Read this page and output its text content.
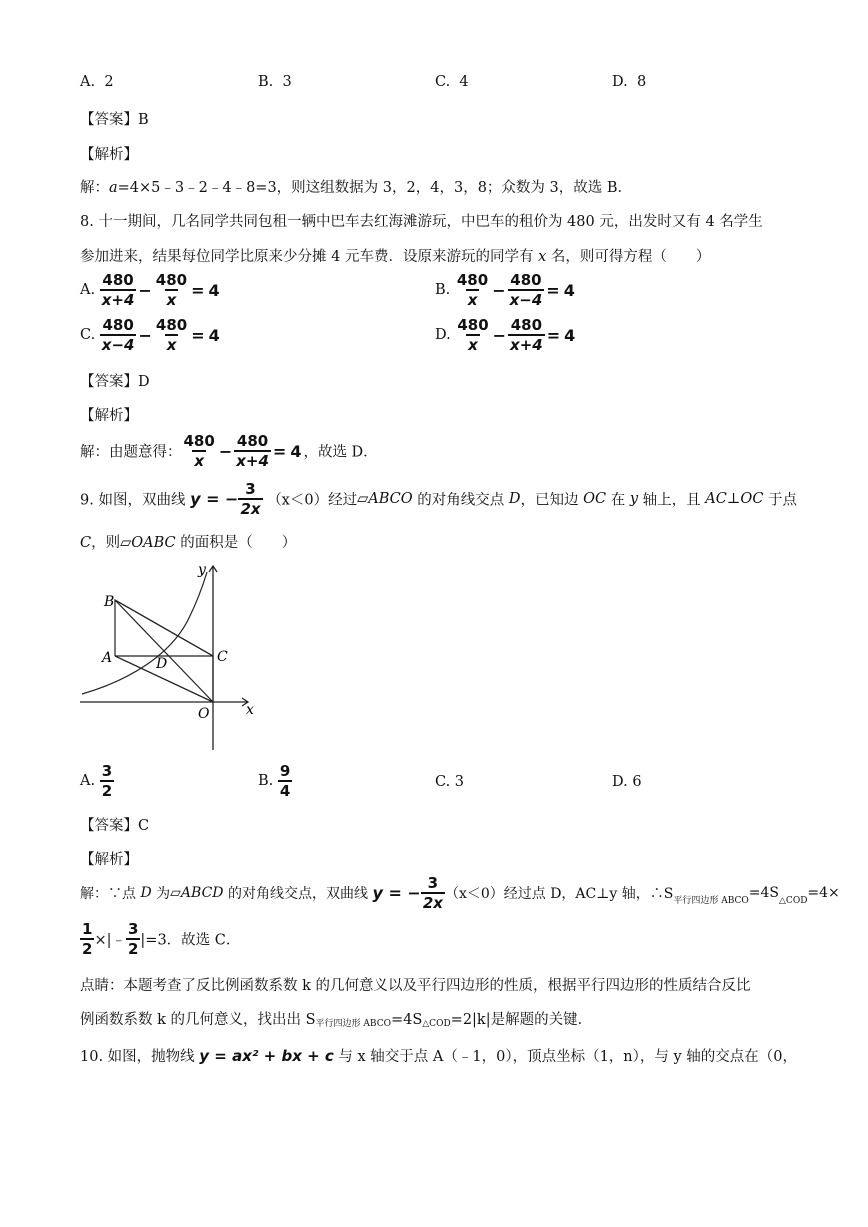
A. 2	B. 3	C. 4	D. 8
【答案】B
【解析】
解：a=4×5﹣3﹣2﹣4﹣8=3，则这组数据为 3，2，4，3，8；众数为 3，故选 B．
8. 十一期间，几名同学共同包租一辆中巴车去红海滩游玩，中巴车的租价为 480 元，出发时又有 4 名学生
参加进来，结果每位同学比原来少分摊 4 元车费．设原来游玩的同学有 x 名，则可得方程（　　）
A. $\frac{480}{x+4} - \frac{480}{x} = 4$	B. $\frac{480}{x} - \frac{480}{x-4} = 4$
C. $\frac{480}{x-4} - \frac{480}{x} = 4$	D. $\frac{480}{x} - \frac{480}{x+4} = 4$
【答案】D
【解析】
解：由题意得： $\frac{480}{x} - \frac{480}{x+4} = 4$ ，故选 D．
9. 如图，双曲线 y = − $\frac{3}{2x} (x<0)$经过▱ABCO 的对角线交点 D，已知边 OC 在 y 轴上，且 AC⊥OC 于点
C，则▱OABC 的面积是（　　）
y
x
B
A	D	C
O
A. $\frac{3}{2}$	B. $\frac{9}{4}$	C. 3	D. 6
【答案】C
【解析】
解：∵点 D 为▱ABCD 的对角线交点，双曲线 y = − $\frac{3}{2x} (x<0)$经过点 D，AC⊥y 轴，$\therefore S_{平行四边形 ABCO}=4S_{\triangle COD}=4\times$
$\frac{1}{2}$ ×|﹣ $\frac{3}{2} |=3$．故选 C．
点睛：本题考查了反比例函数系数 k 的几何意义以及平行四边形的性质，根据平行四边形的性质结合反比
例函数系数 k 的几何意义，找出出 $S_{平行四边形 ABCO}=4S_{\triangle COD}=2|k|$是解题的关键．
10. 如图，抛物线 y = ax² + bx + c 与 x 轴交于点 A（﹣1，0），顶点坐标（1，n），与 y 轴的交点在（0，
